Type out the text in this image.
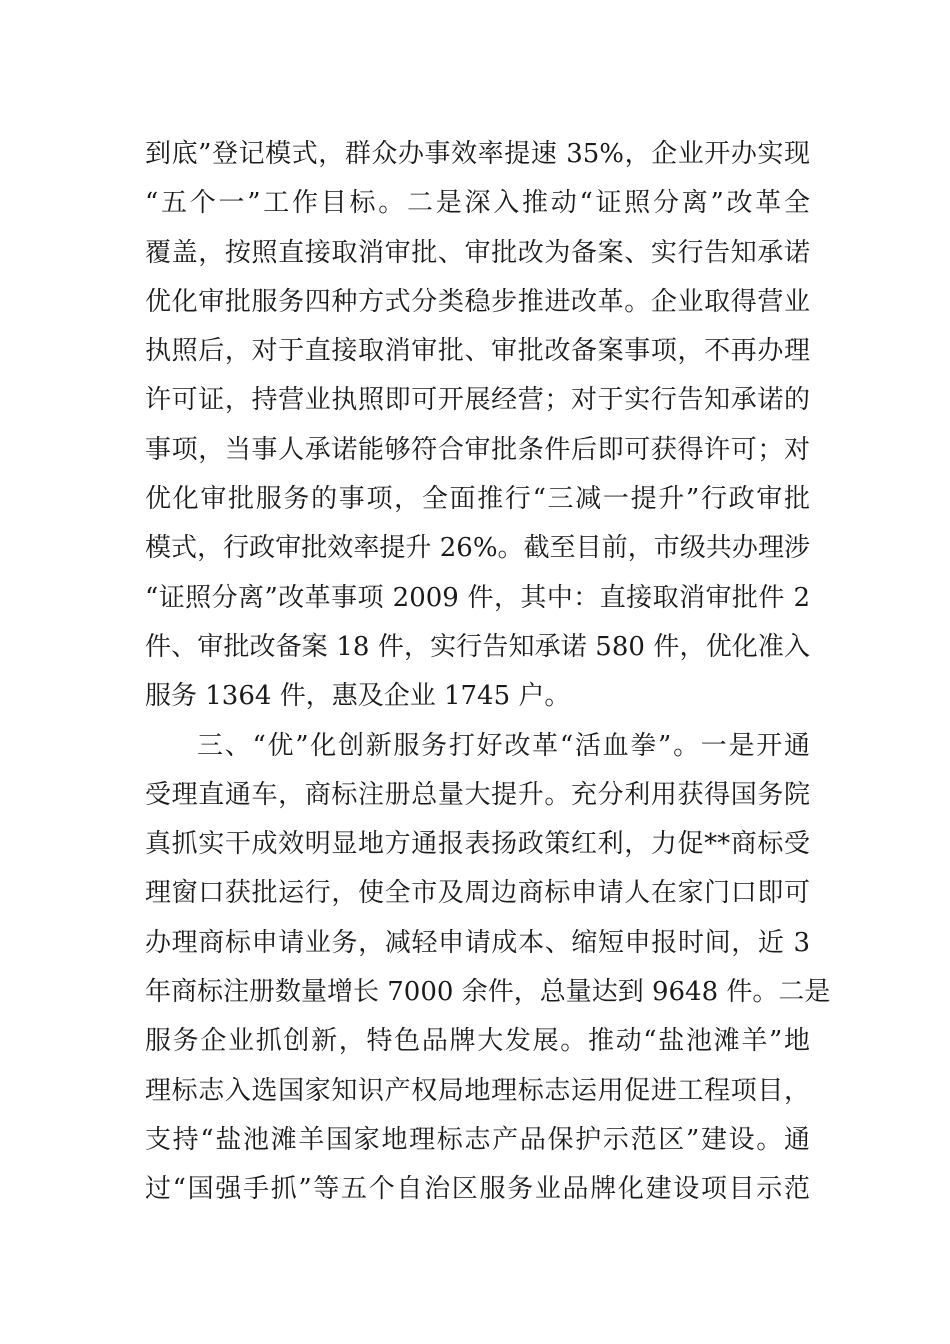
到底”登记模式，群众办事效率提速 35%，企业开办实现
“五个一”工作目标。二是深入推动“证照分离”改革全
覆盖，按照直接取消审批、审批改为备案、实行告知承诺
优化审批服务四种方式分类稳步推进改革。企业取得营业
执照后，对于直接取消审批、审批改备案事项，不再办理
许可证，持营业执照即可开展经营；对于实行告知承诺的
事项，当事人承诺能够符合审批条件后即可获得许可；对
优化审批服务的事项，全面推行“三减一提升”行政审批
模式，行政审批效率提升 26%。截至目前，市级共办理涉
“证照分离”改革事项 2009 件，其中：直接取消审批件 2
件、审批改备案 18 件，实行告知承诺 580 件，优化准入
服务 1364 件，惠及企业 1745 户。
三、“优”化创新服务打好改革“活血拳”。一是开通
受理直通车，商标注册总量大提升。充分利用获得国务院
真抓实干成效明显地方通报表扬政策红利，力促**商标受
理窗口获批运行，使全市及周边商标申请人在家门口即可
办理商标申请业务，减轻申请成本、缩短申报时间，近 3
年商标注册数量增长 7000 余件，总量达到 9648 件。二是
服务企业抓创新，特色品牌大发展。推动“盐池滩羊”地
理标志入选国家知识产权局地理标志运用促进工程项目，
支持“盐池滩羊国家地理标志产品保护示范区”建设。通
过“国强手抓”等五个自治区服务业品牌化建设项目示范
